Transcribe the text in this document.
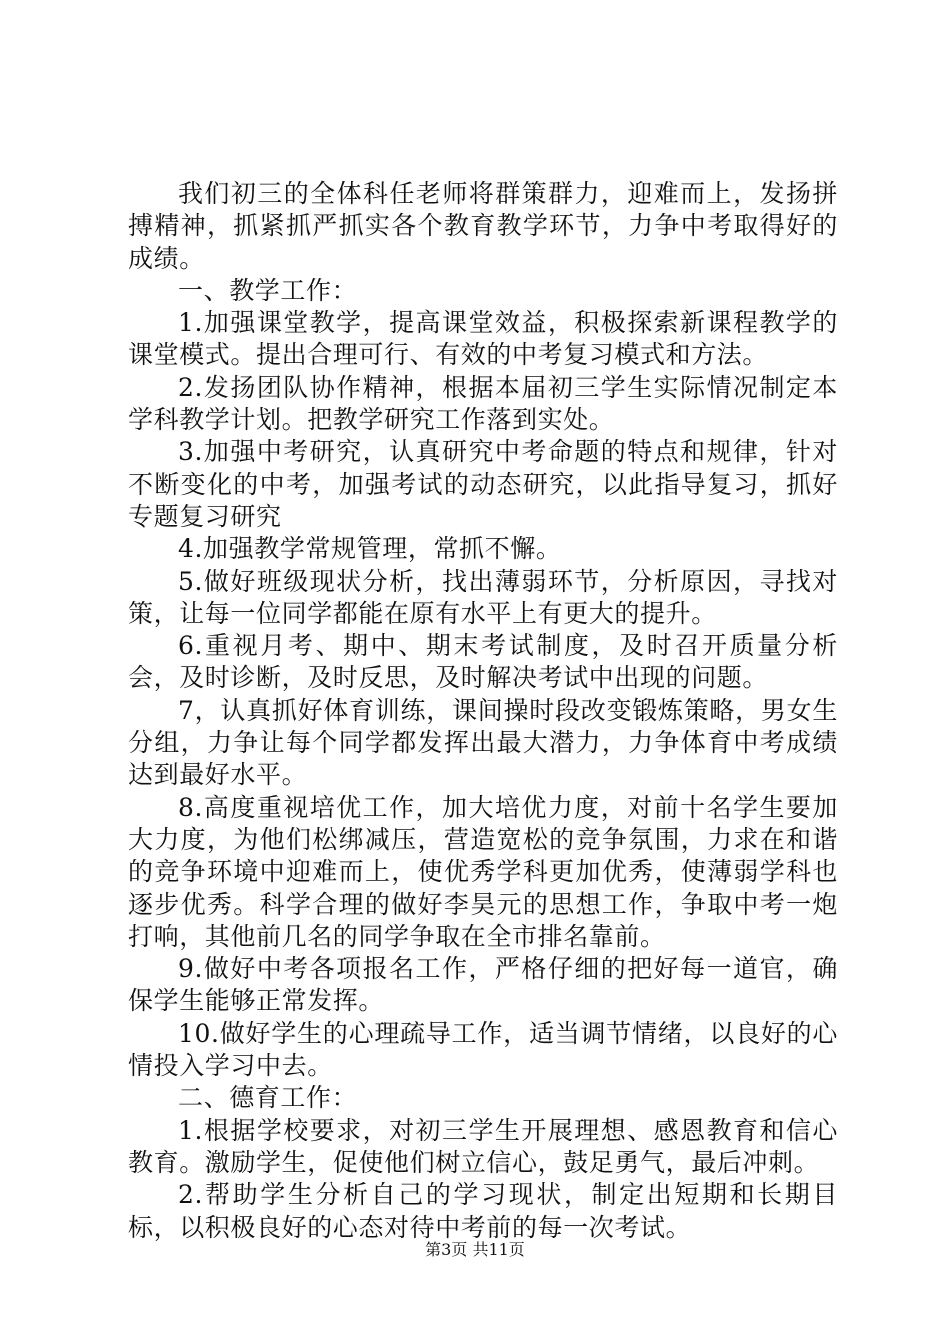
我们初三的全体科任老师将群策群力，迎难而上，发扬拼搏精神，抓紧抓严抓实各个教育教学环节，力争中考取得好的成绩。

一、教学工作：

1.加强课堂教学，提高课堂效益，积极探索新课程教学的课堂模式。提出合理可行、有效的中考复习模式和方法。

2.发扬团队协作精神，根据本届初三学生实际情况制定本学科教学计划。把教学研究工作落到实处。

3.加强中考研究，认真研究中考命题的特点和规律，针对不断变化的中考，加强考试的动态研究，以此指导复习，抓好专题复习研究

4.加强教学常规管理，常抓不懈。

5.做好班级现状分析，找出薄弱环节，分析原因，寻找对策，让每一位同学都能在原有水平上有更大的提升。

6.重视月考、期中、期末考试制度，及时召开质量分析会，及时诊断，及时反思，及时解决考试中出现的问题。

7，认真抓好体育训练，课间操时段改变锻炼策略，男女生分组，力争让每个同学都发挥出最大潜力，力争体育中考成绩达到最好水平。

8.高度重视培优工作，加大培优力度，对前十名学生要加大力度，为他们松绑减压，营造宽松的竞争氛围，力求在和谐的竞争环境中迎难而上，使优秀学科更加优秀，使薄弱学科也逐步优秀。科学合理的做好李昊元的思想工作，争取中考一炮打响，其他前几名的同学争取在全市排名靠前。

9.做好中考各项报名工作，严格仔细的把好每一道官，确保学生能够正常发挥。

10.做好学生的心理疏导工作，适当调节情绪，以良好的心情投入学习中去。

二、德育工作：

1.根据学校要求，对初三学生开展理想、感恩教育和信心教育。激励学生，促使他们树立信心，鼓足勇气，最后冲刺。

2.帮助学生分析自己的学习现状，制定出短期和长期目标，以积极良好的心态对待中考前的每一次考试。

第3页 共11页
